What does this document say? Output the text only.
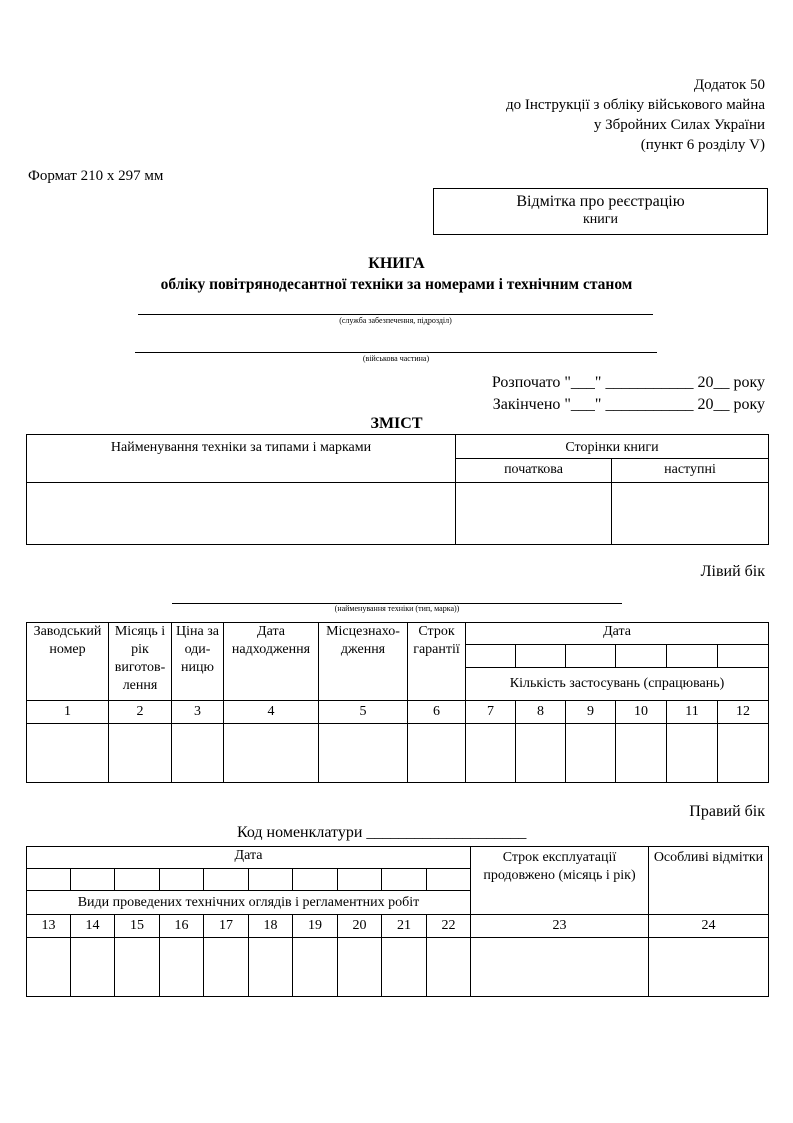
Додаток 50
до Інструкції з обліку військового майна
у Збройних Силах України
(пункт 6 розділу V)
Формат 210 х 297 мм
Відмітка про реєстрацію
книги
КНИГА
обліку повітрянодесантної техніки за номерами і технічним станом
(служба забезпечення, підрозділ)
(військова частина)
Розпочато "___" ___________ 20__ року
Закінчено "___" ___________ 20__ року
ЗМІСТ
Найменування техніки за типами і марками	Сторінки книги	
	початкова	наступні

Лівий бік
(найменування техніки (тип, марка))
Заводський номер	Місяць і рік виготов-лення	Ціна за оди-ницю	Дата надходження	Місцезнахо-дження	Строк гарантії	Дата					

						Кількість застосувань (спрацювань)					
1	2	3	4	5	6	7	8	9	10	11	12

Правий бік
Код номенклатури ____________________
Дата										Строк експлуатації продовжено (місяць і рік)	Особливі відмітки

Види проведених технічних оглядів і регламентних робіт											
13	14	15	16	17	18	19	20	21	22	23	24
